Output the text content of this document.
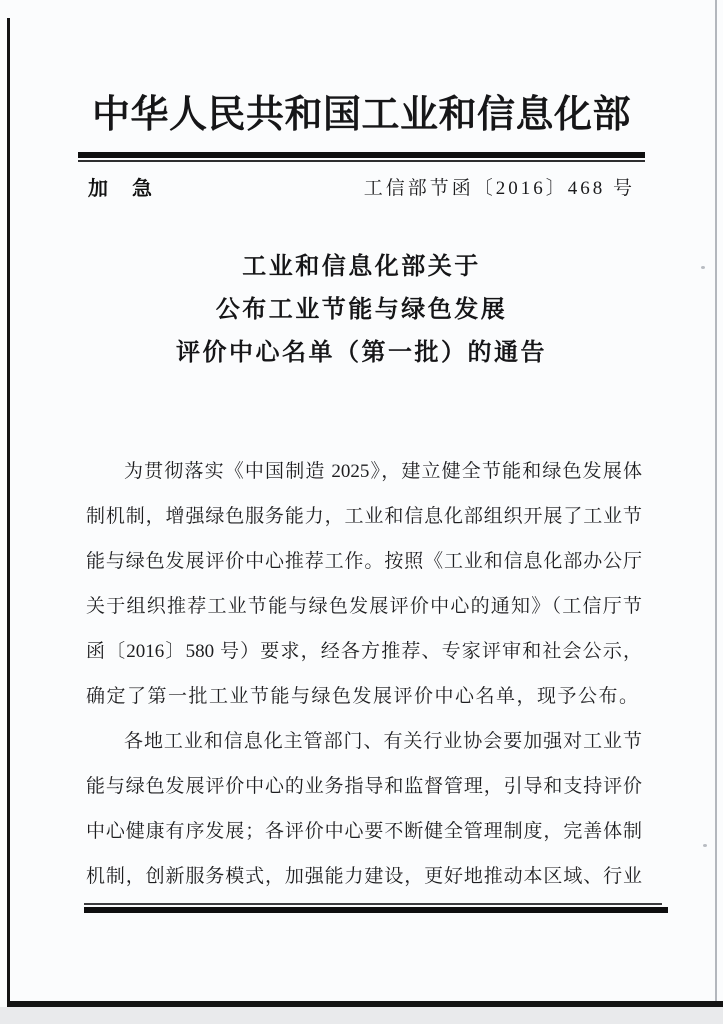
中华人民共和国工业和信息化部
加　急	工信部节函〔2016〕468 号
工业和信息化部关于
公布工业节能与绿色发展
评价中心名单（第一批）的通告

为贯彻落实《中国制造 2025》，建立健全节能和绿色发展体

制机制，增强绿色服务能力，工业和信息化部组织开展了工业节

能与绿色发展评价中心推荐工作。按照《工业和信息化部办公厅

关于组织推荐工业节能与绿色发展评价中心的通知》（工信厅节

函〔2016〕580 号）要求，经各方推荐、专家评审和社会公示，

确定了第一批工业节能与绿色发展评价中心名单，现予公布。

各地工业和信息化主管部门、有关行业协会要加强对工业节

能与绿色发展评价中心的业务指导和监督管理，引导和支持评价

中心健康有序发展；各评价中心要不断健全管理制度，完善体制

机制，创新服务模式，加强能力建设，更好地推动本区域、行业
